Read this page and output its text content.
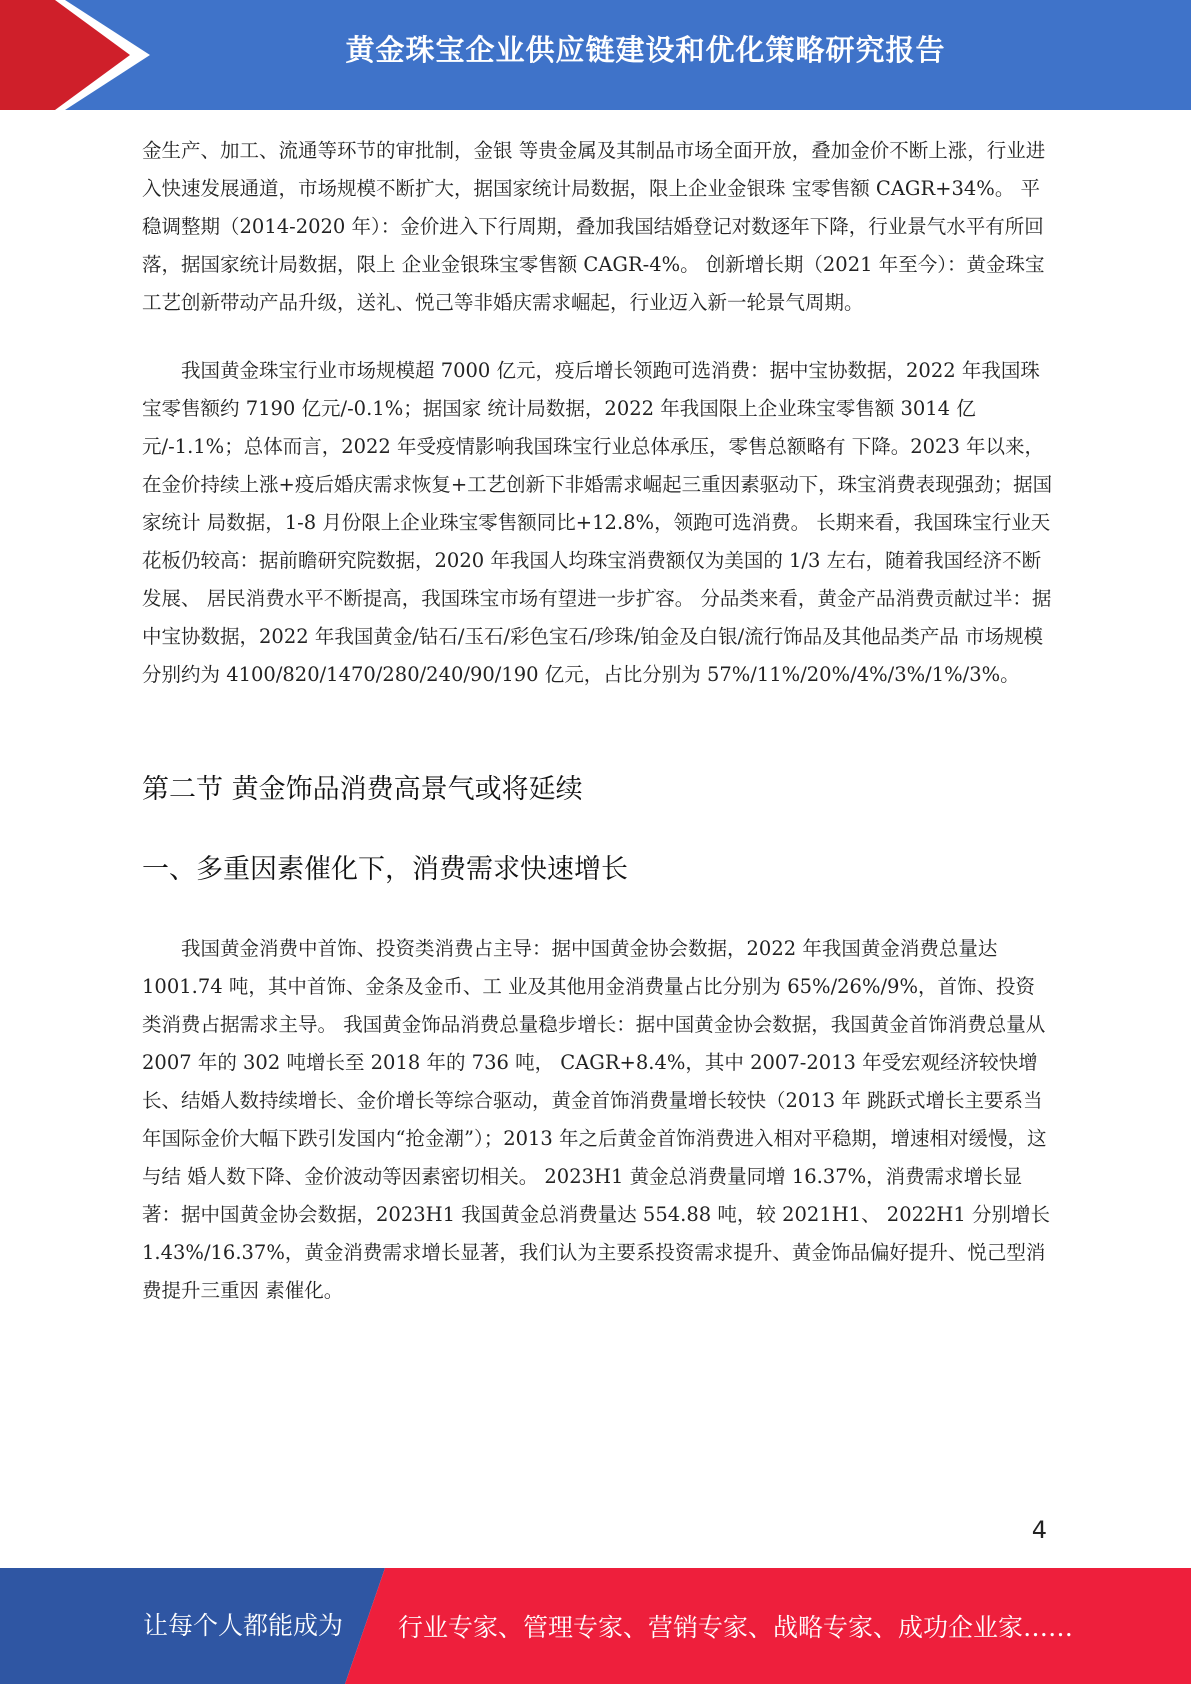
黄金珠宝企业供应链建设和优化策略研究报告

金生产、加工、流通等环节的审批制，金银 等贵金属及其制品市场全面开放，叠加金价不断上涨，行业进入快速发展通道，市场规模不断扩大，据国家统计局数据，限上企业金银珠 宝零售额 CAGR+34%。 平稳调整期（2014-2020 年）：金价进入下行周期，叠加我国结婚登记对数逐年下降，行业景气水平有所回落，据国家统计局数据，限上 企业金银珠宝零售额 CAGR-4%。 创新增长期（2021 年至今）：黄金珠宝工艺创新带动产品升级，送礼、悦己等非婚庆需求崛起，行业迈入新一轮景气周期。

我国黄金珠宝行业市场规模超 7000 亿元，疫后增长领跑可选消费：据中宝协数据，2022 年我国珠宝零售额约 7190 亿元/-0.1%；据国家 统计局数据，2022 年我国限上企业珠宝零售额 3014 亿元/-1.1%；总体而言，2022 年受疫情影响我国珠宝行业总体承压，零售总额略有 下降。2023 年以来，在金价持续上涨+疫后婚庆需求恢复+工艺创新下非婚需求崛起三重因素驱动下，珠宝消费表现强劲；据国家统计 局数据，1-8 月份限上企业珠宝零售额同比+12.8%，领跑可选消费。 长期来看，我国珠宝行业天花板仍较高：据前瞻研究院数据，2020 年我国人均珠宝消费额仅为美国的 1/3 左右，随着我国经济不断发展、 居民消费水平不断提高，我国珠宝市场有望进一步扩容。 分品类来看，黄金产品消费贡献过半：据中宝协数据，2022 年我国黄金/钻石/玉石/彩色宝石/珍珠/铂金及白银/流行饰品及其他品类产品 市场规模分别约为 4100/820/1470/280/240/90/190 亿元，占比分别为 57%/11%/20%/4%/3%/1%/3%。

第二节 黄金饰品消费高景气或将延续
一、多重因素催化下，消费需求快速增长

我国黄金消费中首饰、投资类消费占主导：据中国黄金协会数据，2022 年我国黄金消费总量达 1001.74 吨，其中首饰、金条及金币、工 业及其他用金消费量占比分别为 65%/26%/9%，首饰、投资类消费占据需求主导。 我国黄金饰品消费总量稳步增长：据中国黄金协会数据，我国黄金首饰消费总量从 2007 年的 302 吨增长至 2018 年的 736 吨， CAGR+8.4%，其中 2007-2013 年受宏观经济较快增长、结婚人数持续增长、金价增长等综合驱动，黄金首饰消费量增长较快（2013 年 跳跃式增长主要系当年国际金价大幅下跌引发国内“抢金潮”）；2013 年之后黄金首饰消费进入相对平稳期，增速相对缓慢，这与结 婚人数下降、金价波动等因素密切相关。 2023H1 黄金总消费量同增 16.37%，消费需求增长显著：据中国黄金协会数据，2023H1 我国黄金总消费量达 554.88 吨，较 2021H1、 2022H1 分别增长 1.43%/16.37%，黄金消费需求增长显著，我们认为主要系投资需求提升、黄金饰品偏好提升、悦己型消费提升三重因 素催化。

4
让每个人都能成为 行业专家、管理专家、营销专家、战略专家、成功企业家……
